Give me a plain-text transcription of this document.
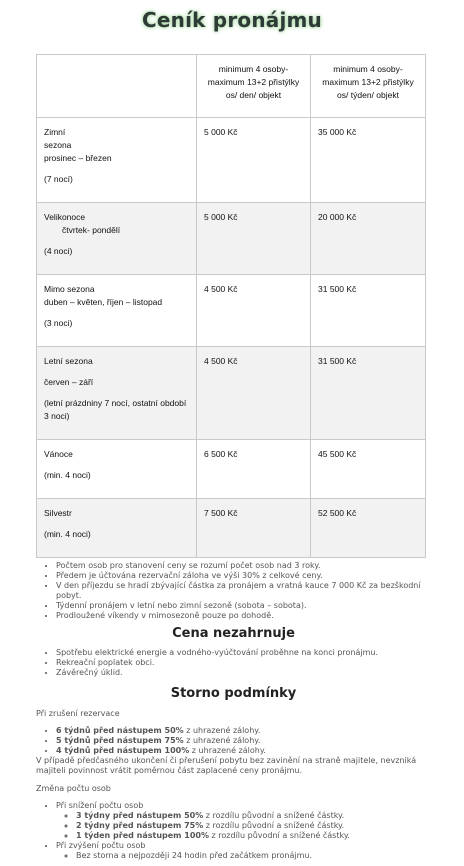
Ceník pronájmu
	minimum 4 osoby- maximum 13+2 přistýlky os/ den/ objekt	minimum 4 osoby- maximum 13+2 přistýlky os/ týden/ objekt

Zimní
sezona
prosinec – březen
(7 nocí)	5 000 Kč	35 000 Kč

Velikonoce
čtvrtek- pondělí
(4 noci)	5 000 Kč	20 000 Kč

Mimo sezona
duben – květen, říjen – listopad
(3 noci)	4 500 Kč	31 500 Kč

Letní sezona
červen – září
(letní prázdniny 7 nocí, ostatní období 3 noci)	4 500 Kč	31 500 Kč

Vánoce
(min. 4 noci)	6 500 Kč	45 500 Kč

Silvestr
(min. 4 noci)	7 500 Kč	52 500 Kč
• Počtem osob pro stanovení ceny se rozumí počet osob nad 3 roky.
• Předem je účtována rezervační záloha ve výši 30% z celkové ceny.
• V den příjezdu se hradí zbývající částka za pronájem a vratná kauce 7 000 Kč za bezškodní pobyt.
• Týdenní pronájem v letní nebo zimní sezoně (sobota – sobota).
• Prodloužené víkendy v mimosezoně pouze po dohodě.
Cena nezahrnuje
• Spotřebu elektrické energie a vodného-vyúčtování proběhne na konci pronájmu.
• Rekreační poplatek obci.
• Závěrečný úklid.
Storno podmínky

Při zrušení rezervace

• 6 týdnů před nástupem 50% z uhrazené zálohy.
• 5 týdnů před nástupem 75% z uhrazené zálohy.
• 4 týdnů před nástupem 100% z uhrazené zálohy.

V případě předčasného ukončení či přerušení pobytu bez zavinění na straně majitele, nevzniká majiteli povinnost vrátit poměrnou část zaplacené ceny pronájmu.

Změna počtu osob

• Při snížení počtu osob
◦ 3 týdny před nástupem 50% z rozdílu původní a snížené částky.
◦ 2 týdny před nástupem 75% z rozdílu původní a snížené částky.
◦ 1 týden před nástupem 100% z rozdílu původní a snížené částky.
• Při zvýšení počtu osob
◦ Bez storna a nejpozději 24 hodin před začátkem pronájmu.
